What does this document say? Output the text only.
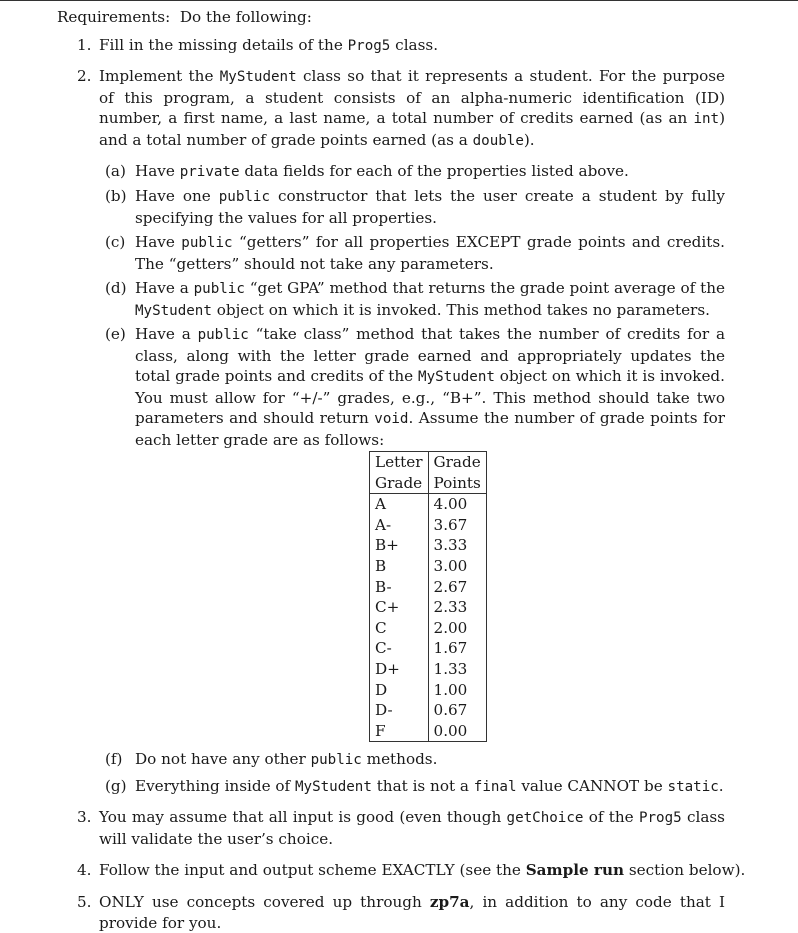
Requirements: Do the following:
1. Fill in the missing details of the Prog5 class.
2. Implement the MyStudent class so that it represents a student. For the purpose of this program, a student consists of an alpha-numeric identification (ID) number, a first name, a last name, a total number of credits earned (as an int) and a total number of grade points earned (as a double).
(a) Have private data fields for each of the properties listed above.
(b) Have one public constructor that lets the user create a student by fully specifying the values for all properties.
(c) Have public “getters” for all properties EXCEPT grade points and credits. The “getters” should not take any parameters.
(d) Have a public “get GPA” method that returns the grade point average of the MyStudent object on which it is invoked. This method takes no parameters.
(e) Have a public “take class” method that takes the number of credits for a class, along with the letter grade earned and appropriately updates the total grade points and credits of the MyStudent object on which it is invoked. You must allow for “+/-” grades, e.g., “B+”. This method should take two parameters and should return void. Assume the number of grade points for each letter grade are as follows:
Letter	Grade
Grade	Points
A	4.00
A-	3.67
B+	3.33
B	3.00
B-	2.67
C+	2.33
C	2.00
C-	1.67
D+	1.33
D	1.00
D-	0.67
F	0.00
(f) Do not have any other public methods.
(g) Everything inside of MyStudent that is not a final value CANNOT be static.
3. You may assume that all input is good (even though getChoice of the Prog5 class will validate the user’s choice.
4. Follow the input and output scheme EXACTLY (see the Sample run section below).
5. ONLY use concepts covered up through zp7a, in addition to any code that I provide for you.
